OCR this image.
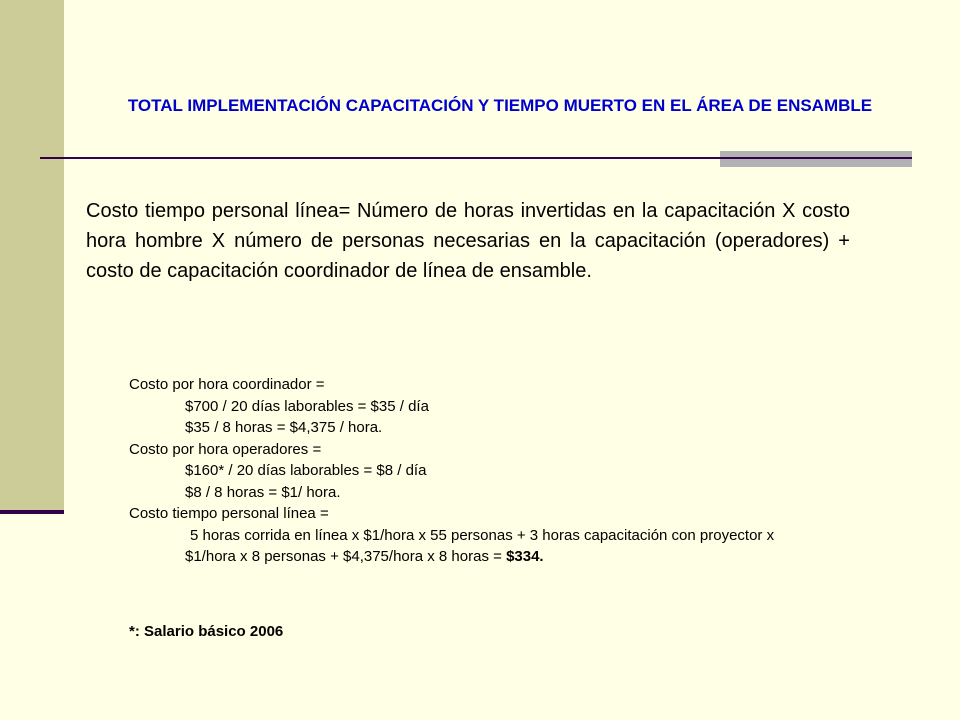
TOTAL IMPLEMENTACIÓN CAPACITACIÓN Y TIEMPO MUERTO EN EL ÁREA DE ENSAMBLE
Costo tiempo personal línea= Número de horas invertidas en la capacitación X costo hora hombre X número de personas necesarias en la capacitación (operadores) + costo de capacitación coordinador de línea de ensamble.
Costo por hora coordinador =
$700 / 20 días laborables = $35 / día
$35 / 8 horas = $4,375 / hora.
Costo por hora operadores =
$160* / 20 días laborables = $8 / día
$8 / 8 horas = $1/ hora.
Costo tiempo personal línea =
5 horas corrida en línea x $1/hora x 55 personas + 3 horas capacitación con proyector x
$1/hora x 8 personas + $4,375/hora x 8 horas = $334.
*: Salario básico 2006
